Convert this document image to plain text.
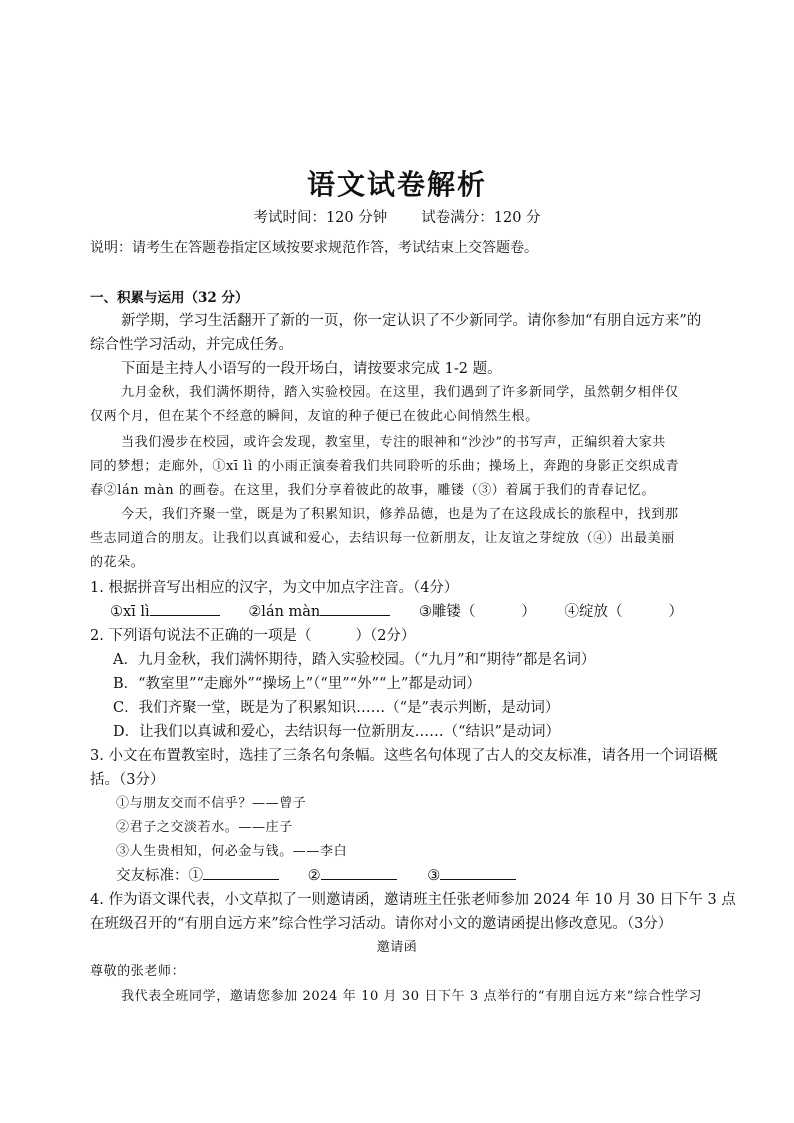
语文试卷解析
考试时间：120 分钟 试卷满分：120 分
说明：请考生在答题卷指定区域按要求规范作答，考试结束上交答题卷。
一、积累与运用（32 分）
新学期，学习生活翻开了新的一页，你一定认识了不少新同学。请你参加“有朋自远方来”的
综合性学习活动，并完成任务。
下面是主持人小语写的一段开场白，请按要求完成 1-2 题。
九月金秋，我们满怀期待，踏入实验校园。在这里，我们遇到了许多新同学，虽然朝夕相伴仅
仅两个月，但在某个不经意的瞬间，友谊的种子便已在彼此心间悄然生根。
当我们漫步在校园，或许会发现，教室里，专注的眼神和“沙沙”的书写声，正编织着大家共
同的梦想；走廊外，①xī lì 的小雨正演奏着我们共同聆听的乐曲；操场上，奔跑的身影正交织成青
春②lán màn 的画卷。在这里，我们分享着彼此的故事，雕镂（③）着属于我们的青春记忆。
今天，我们齐聚一堂，既是为了积累知识，修养品德，也是为了在这段成长的旅程中，找到那
些志同道合的朋友。让我们以真诚和爱心，去结识每一位新朋友，让友谊之芽绽放（④）出最美丽
的花朵。
1. 根据拼音写出相应的汉字，为文中加点字注音。（4分）
①xī lì	②lán màn	③雕镂（	） ④绽放（	）
2. 下列语句说法不正确的一项是（	）（2分）
A．九月金秋，我们满怀期待，踏入实验校园。（“九月”和“期待”都是名词）
B．“教室里”“走廊外”“操场上”（“里”“外”“上”都是动词）
C．我们齐聚一堂，既是为了积累知识……（“是”表示判断，是动词）
D．让我们以真诚和爱心，去结识每一位新朋友……（“结识”是动词）
3. 小文在布置教室时，选挂了三条名句条幅。这些名句体现了古人的交友标准，请各用一个词语概
括。（3分）
①与朋友交而不信乎？——曾子
②君子之交淡若水。——庄子
③人生贵相知，何必金与钱。——李白
交友标准：①	②	③
4. 作为语文课代表，小文草拟了一则邀请函，邀请班主任张老师参加 2024 年 10 月 30 日下午 3 点
在班级召开的“有朋自远方来”综合性学习活动。请你对小文的邀请函提出修改意见。（3分）
邀请函
尊敬的张老师：
我代表全班同学，邀请您参加 2024 年 10 月 30 日下午 3 点举行的“有朋自远方来”综合性学习
